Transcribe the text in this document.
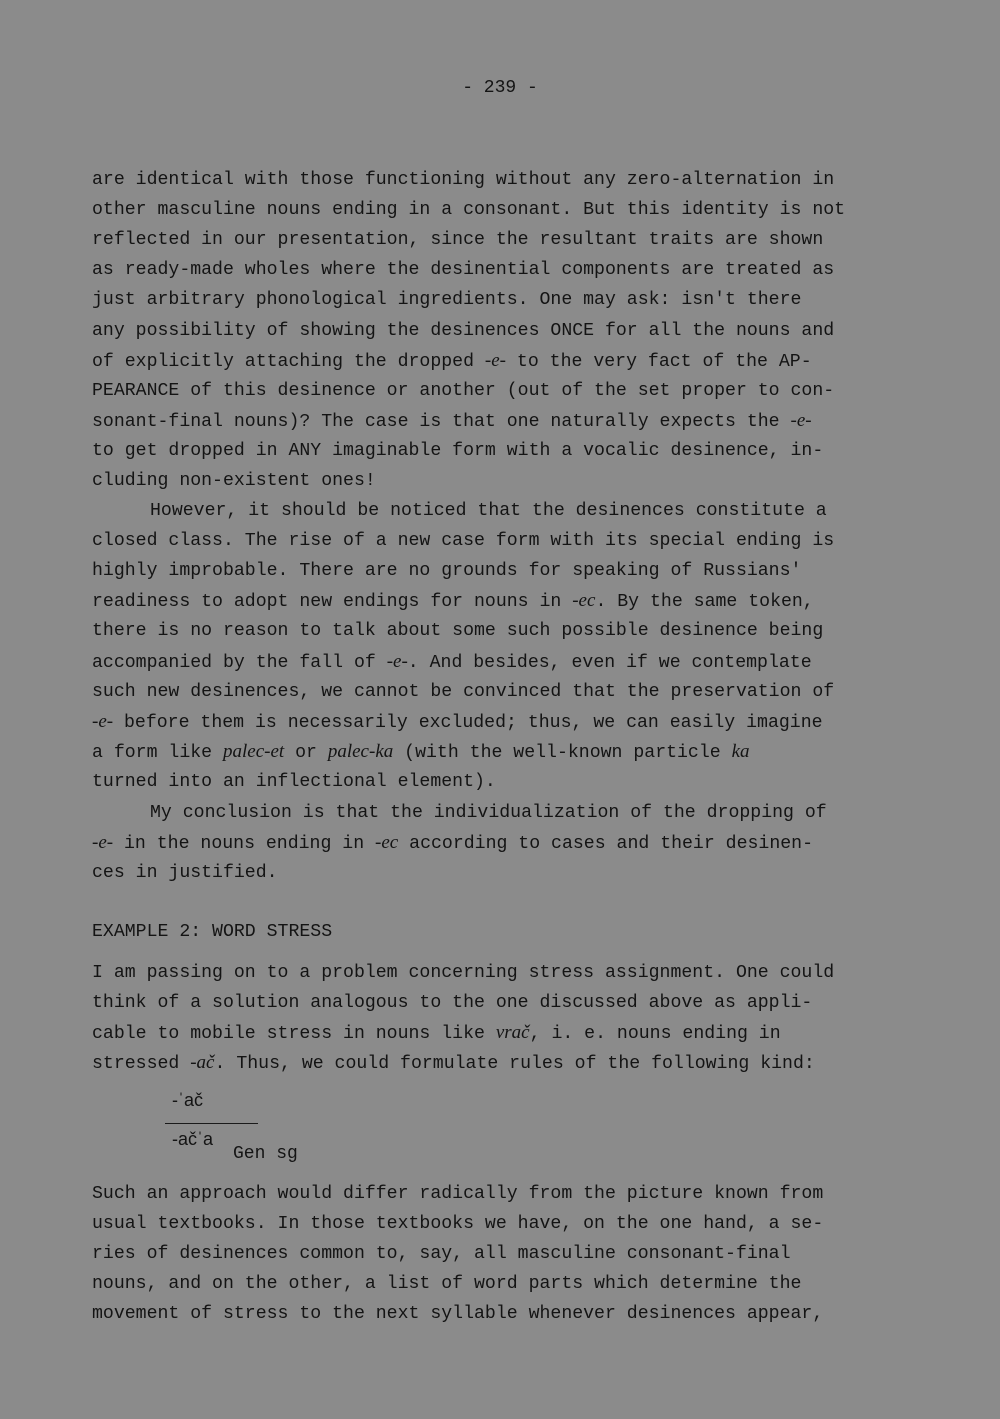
- 239 -
are identical with those functioning without any zero-alternation in
other masculine nouns ending in a consonant. But this identity is not
reflected in our presentation, since the resultant traits are shown
as ready-made wholes where the desinential components are treated as
just arbitrary phonological ingredients. One may ask: isn't there
any possibility of showing the desinences ONCE for all the nouns and
of explicitly attaching the dropped -e- to the very fact of the AP-
PEARANCE of this desinence or another (out of the set proper to con-
sonant-final nouns)? The case is that one naturally expects the -e-
to get dropped in ANY imaginable form with a vocalic desinence, in-
cluding non-existent ones!
However, it should be noticed that the desinences constitute a
closed class. The rise of a new case form with its special ending is
highly improbable. There are no grounds for speaking of Russians'
readiness to adopt new endings for nouns in -ec. By the same token,
there is no reason to talk about some such possible desinence being
accompanied by the fall of -e-. And besides, even if we contemplate
such new desinences, we cannot be convinced that the preservation of
-e- before them is necessarily excluded; thus, we can easily imagine
a form like palec-et or palec-ka (with the well-known particle ka
turned into an inflectional element).
My conclusion is that the individualization of the dropping of
-e- in the nouns ending in -ec according to cases and their desinen-
ces in justified.
I am passing on to a problem concerning stress assignment. One could
think of a solution analogous to the one discussed above as appli-
cable to mobile stress in nouns like vrač, i. e. nouns ending in
stressed -ač. Thus, we could formulate rules of the following kind:
Such an approach would differ radically from the picture known from
usual textbooks. In those textbooks we have, on the one hand, a se-
ries of desinences common to, say, all masculine consonant-final
nouns, and on the other, a list of word parts which determine the
movement of stress to the next syllable whenever desinences appear,
EXAMPLE 2: WORD STRESS
-ˈač
-ačˈa
Gen sg
